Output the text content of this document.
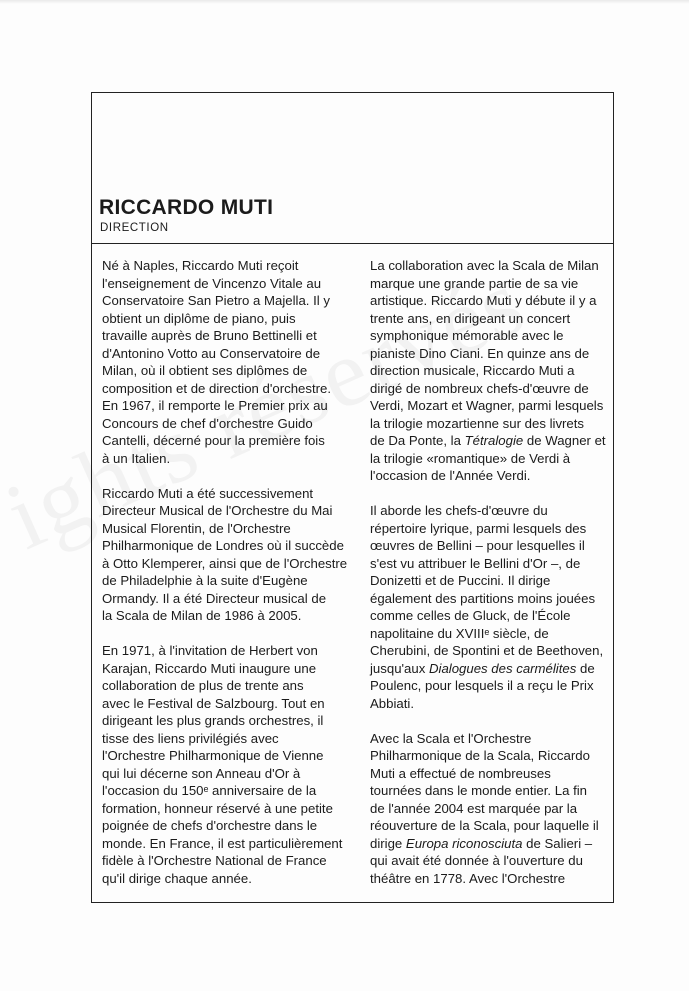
RICCARDO MUTI
DIRECTION

Né à Naples, Riccardo Muti reçoit
l'enseignement de Vincenzo Vitale au
Conservatoire San Pietro a Majella. Il y
obtient un diplôme de piano, puis
travaille auprès de Bruno Bettinelli et
d'Antonino Votto au Conservatoire de
Milan, où il obtient ses diplômes de
composition et de direction d'orchestre.
En 1967, il remporte le Premier prix au
Concours de chef d'orchestre Guido
Cantelli, décerné pour la première fois
à un Italien.

Riccardo Muti a été successivement
Directeur Musical de l'Orchestre du Mai
Musical Florentin, de l'Orchestre
Philharmonique de Londres où il succède
à Otto Klemperer, ainsi que de l'Orchestre
de Philadelphie à la suite d'Eugène
Ormandy. Il a été Directeur musical de
la Scala de Milan de 1986 à 2005.

En 1971, à l'invitation de Herbert von
Karajan, Riccardo Muti inaugure une
collaboration de plus de trente ans
avec le Festival de Salzbourg. Tout en
dirigeant les plus grands orchestres, il
tisse des liens privilégiés avec
l'Orchestre Philharmonique de Vienne
qui lui décerne son Anneau d'Or à
l'occasion du 150ᵉ anniversaire de la
formation, honneur réservé à une petite
poignée de chefs d'orchestre dans le
monde. En France, il est particulièrement
fidèle à l'Orchestre National de France
qu'il dirige chaque année.

La collaboration avec la Scala de Milan
marque une grande partie de sa vie
artistique. Riccardo Muti y débute il y a
trente ans, en dirigeant un concert
symphonique mémorable avec le
pianiste Dino Ciani. En quinze ans de
direction musicale, Riccardo Muti a
dirigé de nombreux chefs-d'œuvre de
Verdi, Mozart et Wagner, parmi lesquels
la trilogie mozartienne sur des livrets
de Da Ponte, la Tétralogie de Wagner et
la trilogie «romantique» de Verdi à
l'occasion de l'Année Verdi.

Il aborde les chefs-d'œuvre du
répertoire lyrique, parmi lesquels des
œuvres de Bellini – pour lesquelles il
s'est vu attribuer le Bellini d'Or –, de
Donizetti et de Puccini. Il dirige
également des partitions moins jouées
comme celles de Gluck, de l'École
napolitaine du XVIIIᵉ siècle, de
Cherubini, de Spontini et de Beethoven,
jusqu'aux Dialogues des carmélites de
Poulenc, pour lesquels il a reçu le Prix
Abbiati.

Avec la Scala et l'Orchestre
Philharmonique de la Scala, Riccardo
Muti a effectué de nombreuses
tournées dans le monde entier. La fin
de l'année 2004 est marquée par la
réouverture de la Scala, pour laquelle il
dirige Europa riconosciuta de Salieri –
qui avait été donnée à l'ouverture du
théâtre en 1778. Avec l'Orchestre
